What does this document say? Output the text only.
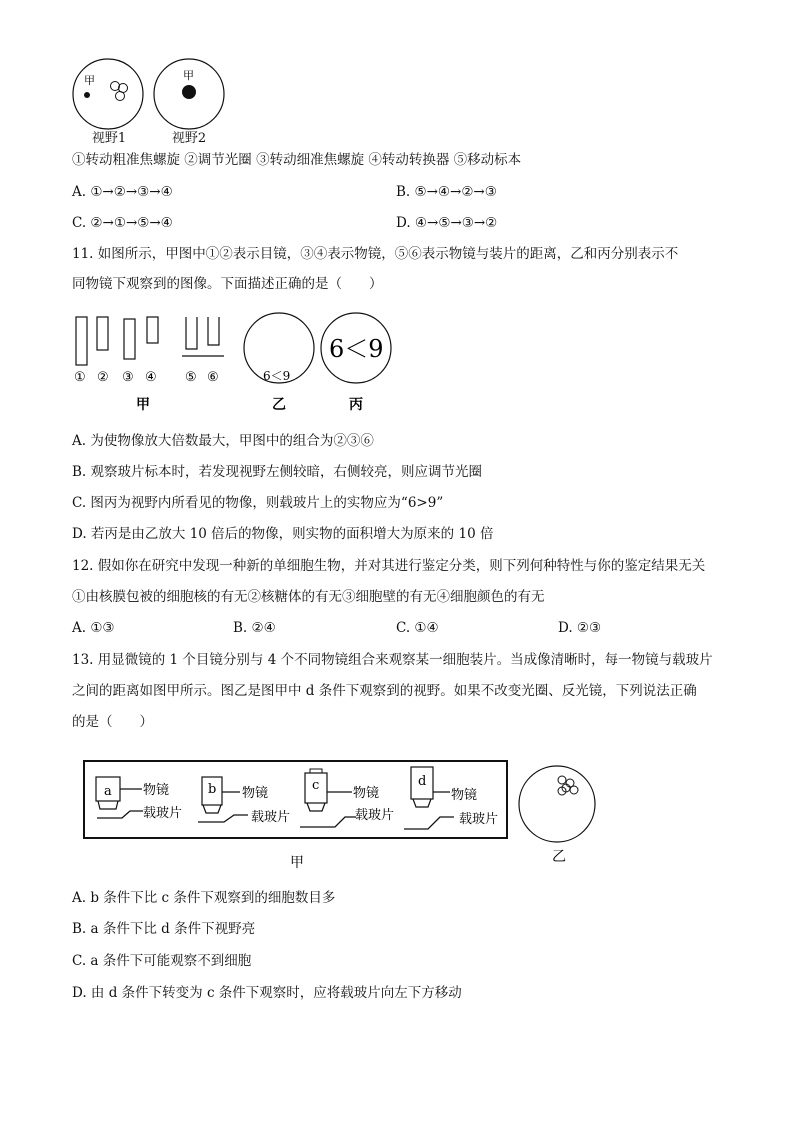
甲	甲
视野1	视野2
①转动粗准焦螺旋 ②调节光圈 ③转动细准焦螺旋 ④转动转换器 ⑤移动标本
A. ①→②→③→④	B. ⑤→④→②→③
C. ②→①→⑤→④	D. ④→⑤→③→②
11. 如图所示，甲图中①②表示目镜，③④表示物镜，⑤⑥表示物镜与装片的距离，乙和丙分别表示不
同物镜下观察到的图像。下面描述正确的是（　　）
① ② ③ ④ ⑤ ⑥
甲
6＜9
乙
6＜9
丙
A. 为使物像放大倍数最大，甲图中的组合为②③⑥
B. 观察玻片标本时，若发现视野左侧较暗，右侧较亮，则应调节光圈
C. 图丙为视野内所看见的物像，则载玻片上的实物应为“6>9”
D. 若丙是由乙放大 10 倍后的物像，则实物的面积增大为原来的 10 倍
12. 假如你在研究中发现一种新的单细胞生物，并对其进行鉴定分类，则下列何种特性与你的鉴定结果无关
①由核膜包被的细胞核的有无②核糖体的有无③细胞壁的有无④细胞颜色的有无
A. ①③	B. ②④	C. ①④	D. ②③
13. 用显微镜的 1 个目镜分别与 4 个不同物镜组合来观察某一细胞装片。当成像清晰时，每一物镜与载玻片
之间的距离如图甲所示。图乙是图甲中 d 条件下观察到的视野。如果不改变光圈、反光镜，下列说法正确
的是（　　）
a 物镜
载玻片
b 物镜
载玻片
c
物镜
载玻片
d
物镜
载玻片
甲	乙
A. b 条件下比 c 条件下观察到的细胞数目多
B. a 条件下比 d 条件下视野亮
C. a 条件下可能观察不到细胞
D. 由 d 条件下转变为 c 条件下观察时，应将载玻片向左下方移动
